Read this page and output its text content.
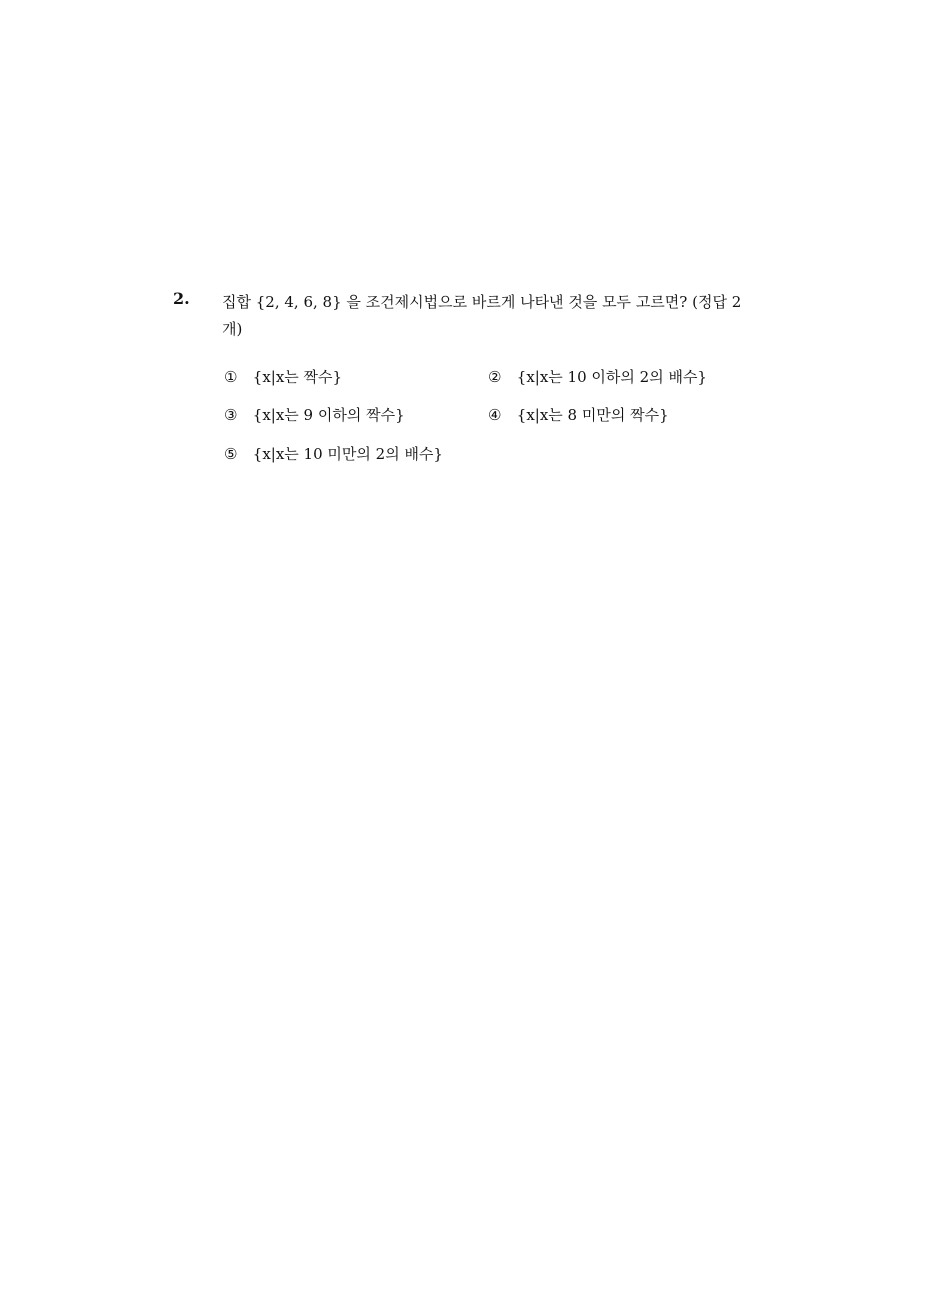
2. 집합 {2, 4, 6, 8} 을 조건제시법으로 바르게 나타낸 것을 모두 고르면? (정답 2 개)
① {x|x는 짝수}	② {x|x는 10 이하의 2의 배수}
③ {x|x는 9 이하의 짝수}	④ {x|x는 8 미만의 짝수}
⑤ {x|x는 10 미만의 2의 배수}
